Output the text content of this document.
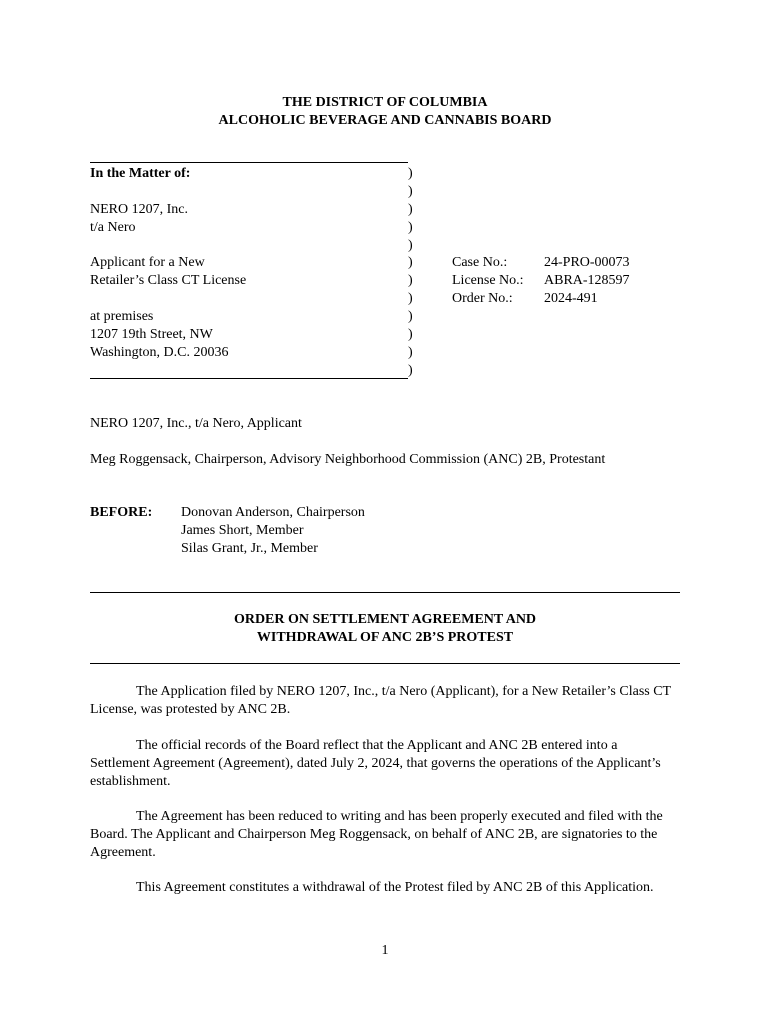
THE DISTRICT OF COLUMBIA
ALCOHOLIC BEVERAGE AND CANNABIS BOARD
In the Matter of:
NERO 1207, Inc.
t/a Nero
Applicant for a New
Retailer’s Class CT License
at premises
1207 19th Street, NW
Washington, D.C. 20036
)
)
)
)
)
)
)
)
)
)
)
)
Case No.:	24-PRO-00073
License No.: ABRA-128597
Order No.: 2024-491
NERO 1207, Inc., t/a Nero, Applicant
Meg Roggensack, Chairperson, Advisory Neighborhood Commission (ANC) 2B, Protestant
BEFORE: Donovan Anderson, Chairperson
James Short, Member
Silas Grant, Jr., Member
ORDER ON SETTLEMENT AGREEMENT AND
WITHDRAWAL OF ANC 2B’S PROTEST
The Application filed by NERO 1207, Inc., t/a Nero (Applicant), for a New Retailer’s Class CT License, was protested by ANC 2B.
The official records of the Board reflect that the Applicant and ANC 2B entered into a Settlement Agreement (Agreement), dated July 2, 2024, that governs the operations of the Applicant’s establishment.
The Agreement has been reduced to writing and has been properly executed and filed with the Board. The Applicant and Chairperson Meg Roggensack, on behalf of ANC 2B, are signatories to the Agreement.
This Agreement constitutes a withdrawal of the Protest filed by ANC 2B of this Application.
1
